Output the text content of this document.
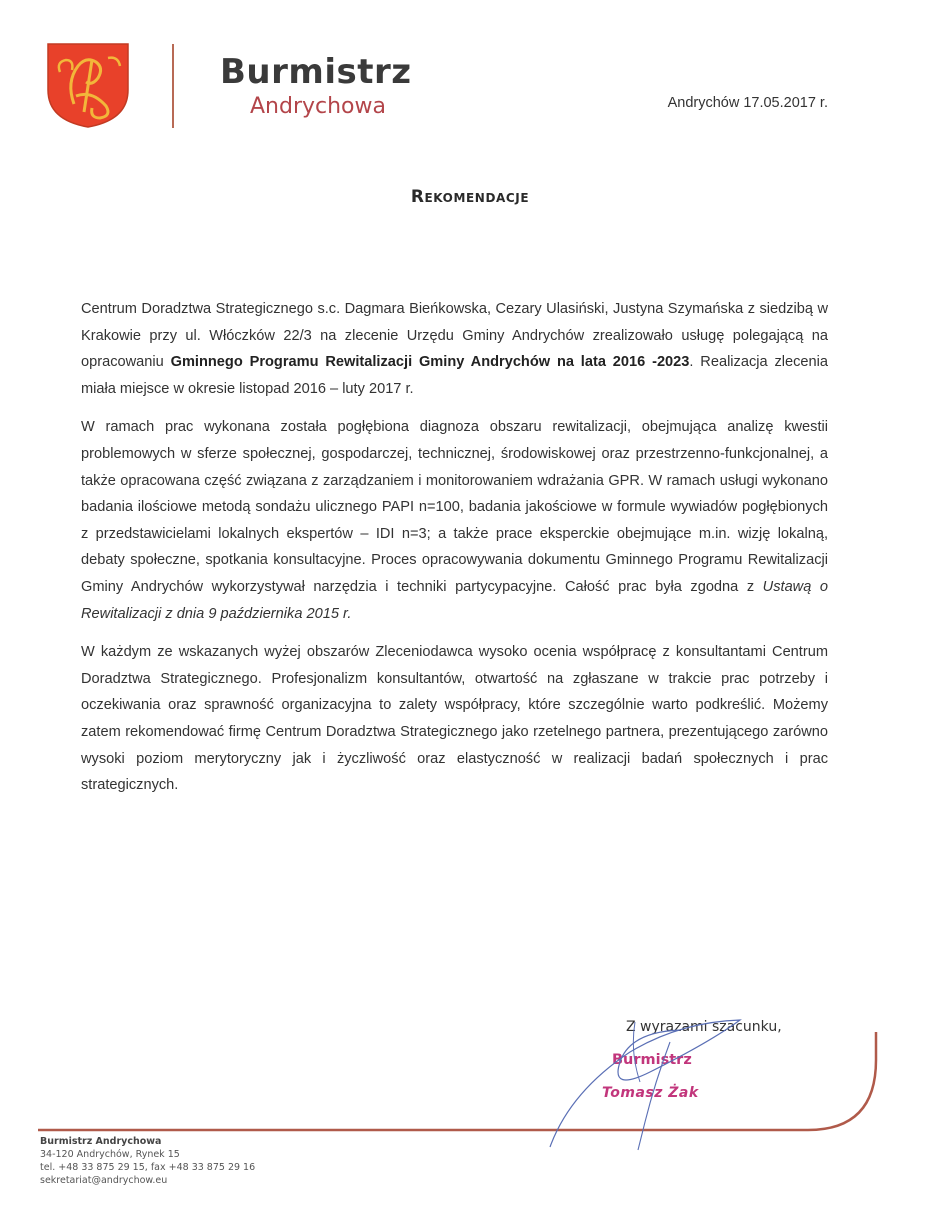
Burmistrz
Andrychowa	Andrychów 17.05.2017 r.
Rekomendacje

Centrum Doradztwa Strategicznego s.c. Dagmara Bieńkowska, Cezary Ulasiński, Justyna Szymańska z siedzibą w Krakowie przy ul. Włóczków 22/3 na zlecenie Urzędu Gminy Andrychów zrealizowało usługę polegającą na opracowaniu Gminnego Programu Rewitalizacji Gminy Andrychów na lata 2016 -2023. Realizacja zlecenia miała miejsce w okresie listopad 2016 – luty 2017 r.

W ramach prac wykonana została pogłębiona diagnoza obszaru rewitalizacji, obejmująca analizę kwestii problemowych w sferze społecznej, gospodarczej, technicznej, środowiskowej oraz przestrzenno-funkcjonalnej, a także opracowana część związana z zarządzaniem i monitorowaniem wdrażania GPR. W ramach usługi wykonano badania ilościowe metodą sondażu ulicznego PAPI n=100, badania jakościowe w formule wywiadów pogłębionych z przedstawicielami lokalnych ekspertów – IDI n=3; a także prace eksperckie obejmujące m.in. wizję lokalną, debaty społeczne, spotkania konsultacyjne. Proces opracowywania dokumentu Gminnego Programu Rewitalizacji Gminy Andrychów wykorzystywał narzędzia i techniki partycypacyjne. Całość prac była zgodna z Ustawą o Rewitalizacji z dnia 9 października 2015 r.

W każdym ze wskazanych wyżej obszarów Zleceniodawca wysoko ocenia współpracę z konsultantami Centrum Doradztwa Strategicznego. Profesjonalizm konsultantów, otwartość na zgłaszane w trakcie prac potrzeby i oczekiwania oraz sprawność organizacyjna to zalety współpracy, które szczególnie warto podkreślić. Możemy zatem rekomendować firmę Centrum Doradztwa Strategicznego jako rzetelnego partnera, prezentującego zarówno wysoki poziom merytoryczny jak i życzliwość oraz elastyczność w realizacji badań społecznych i prac strategicznych.

Z wyrazami szacunku,
Burmistrz
Tomasz Żak
Burmistrz Andrychowa
34-120 Andrychów, Rynek 15
tel. +48 33 875 29 15, fax +48 33 875 29 16
sekretariat@andrychow.eu
